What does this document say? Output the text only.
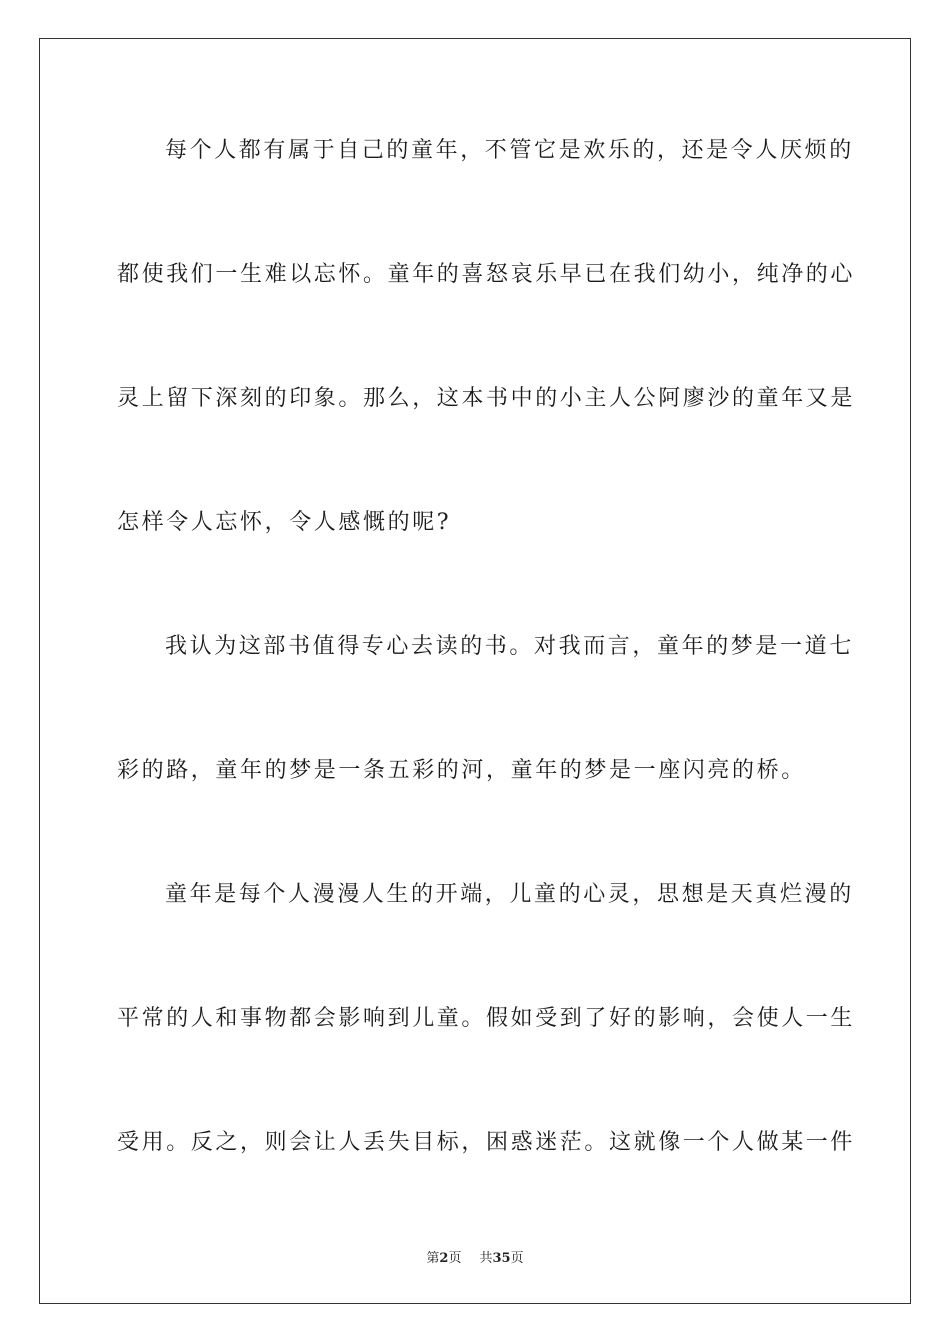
每个人都有属于自己的童年，不管它是欢乐的，还是令人厌烦的
都使我们一生难以忘怀。童年的喜怒哀乐早已在我们幼小，纯净的心
灵上留下深刻的印象。那么，这本书中的小主人公阿廖沙的童年又是
怎样令人忘怀，令人感慨的呢?
我认为这部书值得专心去读的书。对我而言，童年的梦是一道七
彩的路，童年的梦是一条五彩的河，童年的梦是一座闪亮的桥。
童年是每个人漫漫人生的开端，儿童的心灵，思想是天真烂漫的
平常的人和事物都会影响到儿童。假如受到了好的影响，会使人一生
受用。反之，则会让人丢失目标，困惑迷茫。这就像一个人做某一件
第2页 共35页
